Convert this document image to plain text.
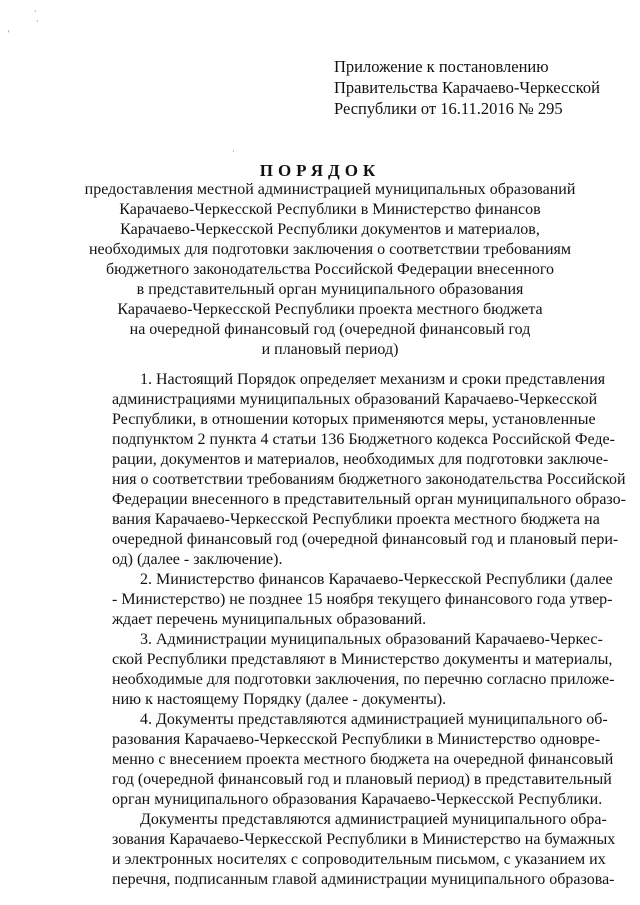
·
·
'
·
Приложение к постановлению
Правительства Карачаево-Черкесской
Республики от 16.11.2016 № 295
ПОРЯДОК
предоставления местной администрацией муниципальных образований
Карачаево-Черкесской Республики в Министерство финансов
Карачаево-Черкесской Республики документов и материалов,
необходимых для подготовки заключения о соответствии требованиям
бюджетного законодательства Российской Федерации внесенного
в представительный орган муниципального образования
Карачаево-Черкесской Республики проекта местного бюджета
на очередной финансовый год (очередной финансовый год
и плановый период)
1. Настоящий Порядок определяет механизм и сроки представления
администрациями муниципальных образований Карачаево-Черкесской
Республики, в отношении которых применяются меры, установленные
подпунктом 2 пункта 4 статьи 136 Бюджетного кодекса Российской Феде-
рации, документов и материалов, необходимых для подготовки заключе-
ния о соответствии требованиям бюджетного законодательства Российской
Федерации внесенного в представительный орган муниципального образо-
вания Карачаево-Черкесской Республики проекта местного бюджета на
очередной финансовый год (очередной финансовый год и плановый пери-
од) (далее - заключение).
2. Министерство финансов Карачаево-Черкесской Республики (далее
- Министерство) не позднее 15 ноября текущего финансового года утвер-
ждает перечень муниципальных образований.
3. Администрации муниципальных образований Карачаево-Черкес-
ской Республики представляют в Министерство документы и материалы,
необходимые для подготовки заключения, по перечню согласно приложе-
нию к настоящему Порядку (далее - документы).
4. Документы представляются администрацией муниципального об-
разования Карачаево-Черкесской Республики в Министерство одновре-
менно с внесением проекта местного бюджета на очередной финансовый
год (очередной финансовый год и плановый период) в представительный
орган муниципального образования Карачаево-Черкесской Республики.
Документы представляются администрацией муниципального обра-
зования Карачаево-Черкесской Республики в Министерство на бумажных
и электронных носителях с сопроводительным письмом, с указанием их
перечня, подписанным главой администрации муниципального образова-
